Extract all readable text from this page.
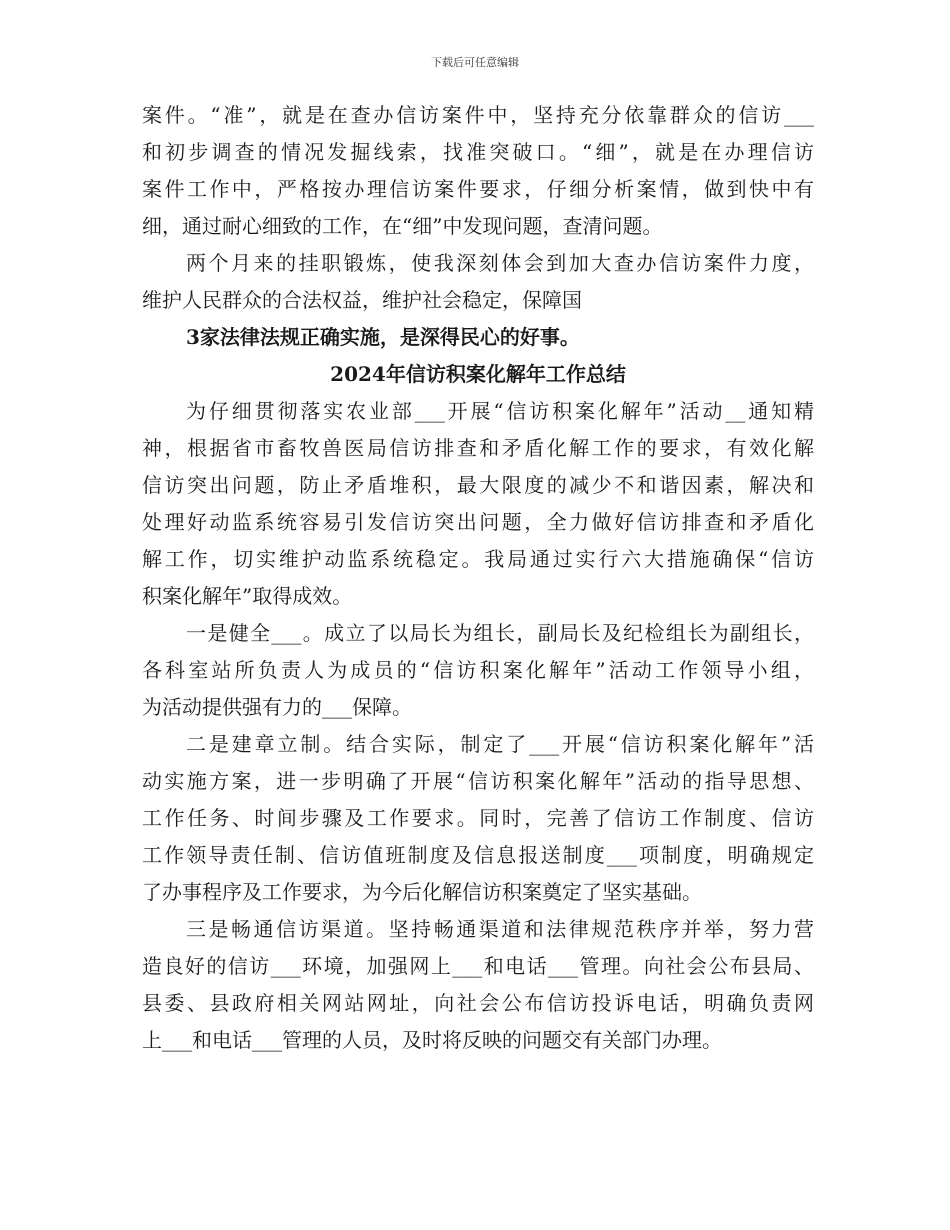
下载后可任意编辑

案件。“准”，就是在查办信访案件中，坚持充分依靠群众的信访___

和初步调查的情况发掘线索，找准突破口。“细”，就是在办理信访

案件工作中，严格按办理信访案件要求，仔细分析案情，做到快中有

细，通过耐心细致的工作，在“细”中发现问题，查清问题。

两个月来的挂职锻炼，使我深刻体会到加大查办信访案件力度，

维护人民群众的合法权益，维护社会稳定，保障国

3家法律法规正确实施，是深得民心的好事。

2024年信访积案化解年工作总结

为仔细贯彻落实农业部___开展“信访积案化解年”活动__通知精

神，根据省市畜牧兽医局信访排查和矛盾化解工作的要求，有效化解

信访突出问题，防止矛盾堆积，最大限度的减少不和谐因素，解决和

处理好动监系统容易引发信访突出问题，全力做好信访排查和矛盾化

解工作，切实维护动监系统稳定。我局通过实行六大措施确保“信访

积案化解年”取得成效。

一是健全___。成立了以局长为组长，副局长及纪检组长为副组长，

各科室站所负责人为成员的“信访积案化解年”活动工作领导小组，

为活动提供强有力的___保障。

二是建章立制。结合实际，制定了___开展“信访积案化解年”活

动实施方案，进一步明确了开展“信访积案化解年”活动的指导思想、

工作任务、时间步骤及工作要求。同时，完善了信访工作制度、信访

工作领导责任制、信访值班制度及信息报送制度___项制度，明确规定

了办事程序及工作要求，为今后化解信访积案奠定了坚实基础。

三是畅通信访渠道。坚持畅通渠道和法律规范秩序并举，努力营

造良好的信访___环境，加强网上___和电话___管理。向社会公布县局、

县委、县政府相关网站网址，向社会公布信访投诉电话，明确负责网

上___和电话___管理的人员，及时将反映的问题交有关部门办理。
